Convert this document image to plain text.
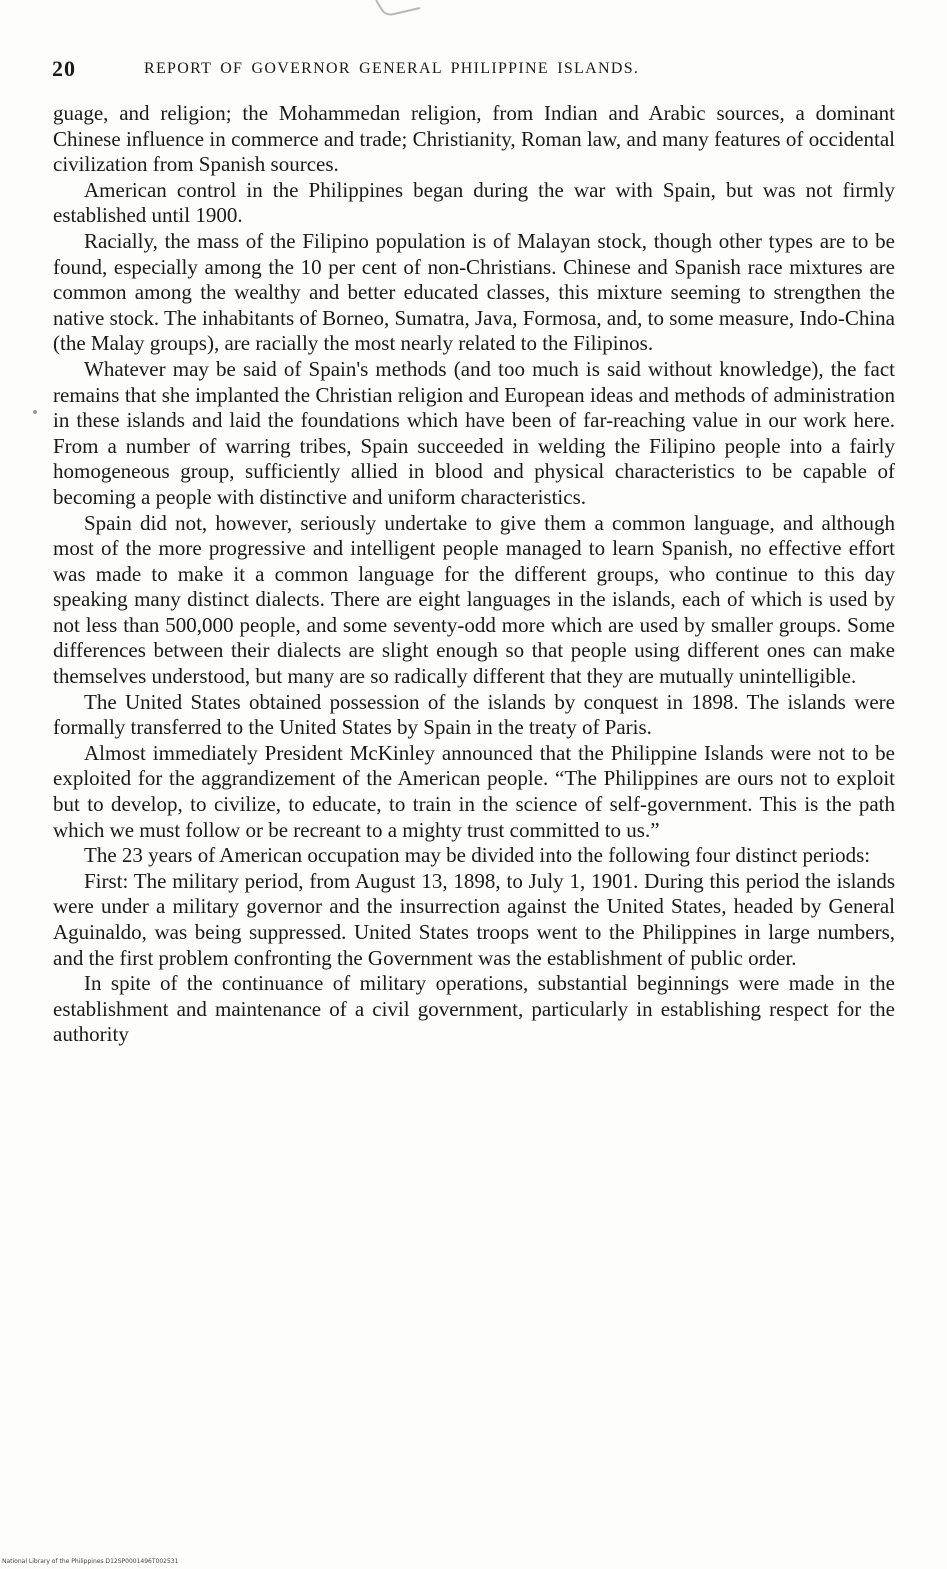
20	REPORT OF GOVERNOR GENERAL PHILIPPINE ISLANDS.

guage, and religion; the Mohammedan religion, from Indian and Arabic sources, a dominant Chinese influence in commerce and trade; Christianity, Roman law, and many features of occidental civilization from Spanish sources.

American control in the Philippines began during the war with Spain, but was not firmly established until 1900.

Racially, the mass of the Filipino population is of Malayan stock, though other types are to be found, especially among the 10 per cent of non-Christians. Chinese and Spanish race mixtures are common among the wealthy and better educated classes, this mixture seeming to strengthen the native stock. The inhabitants of Borneo, Sumatra, Java, Formosa, and, to some measure, Indo-China (the Malay groups), are racially the most nearly related to the Filipinos.

Whatever may be said of Spain's methods (and too much is said without knowledge), the fact remains that she implanted the Christian religion and European ideas and methods of administration in these islands and laid the foundations which have been of far-reaching value in our work here. From a number of warring tribes, Spain succeeded in welding the Filipino people into a fairly homogeneous group, sufficiently allied in blood and physical characteristics to be capable of becoming a people with distinctive and uniform characteristics.

Spain did not, however, seriously undertake to give them a common language, and although most of the more progressive and intelligent people managed to learn Spanish, no effective effort was made to make it a common language for the different groups, who continue to this day speaking many distinct dialects. There are eight languages in the islands, each of which is used by not less than 500,000 people, and some seventy-odd more which are used by smaller groups. Some differences between their dialects are slight enough so that people using different ones can make themselves understood, but many are so radically different that they are mutually unintelligible.

The United States obtained possession of the islands by conquest in 1898. The islands were formally transferred to the United States by Spain in the treaty of Paris.

Almost immediately President McKinley announced that the Philippine Islands were not to be exploited for the aggrandizement of the American people. “The Philippines are ours not to exploit but to develop, to civilize, to educate, to train in the science of self-government. This is the path which we must follow or be recreant to a mighty trust committed to us.”

The 23 years of American occupation may be divided into the following four distinct periods:

First: The military period, from August 13, 1898, to July 1, 1901. During this period the islands were under a military governor and the insurrection against the United States, headed by General Aguinaldo, was being suppressed. United States troops went to the Philippines in large numbers, and the first problem confronting the Government was the establishment of public order.

In spite of the continuance of military operations, substantial beginnings were made in the establishment and maintenance of a civil government, particularly in establishing respect for the authority

National Library of the Philippines D12SP0001496T002531
